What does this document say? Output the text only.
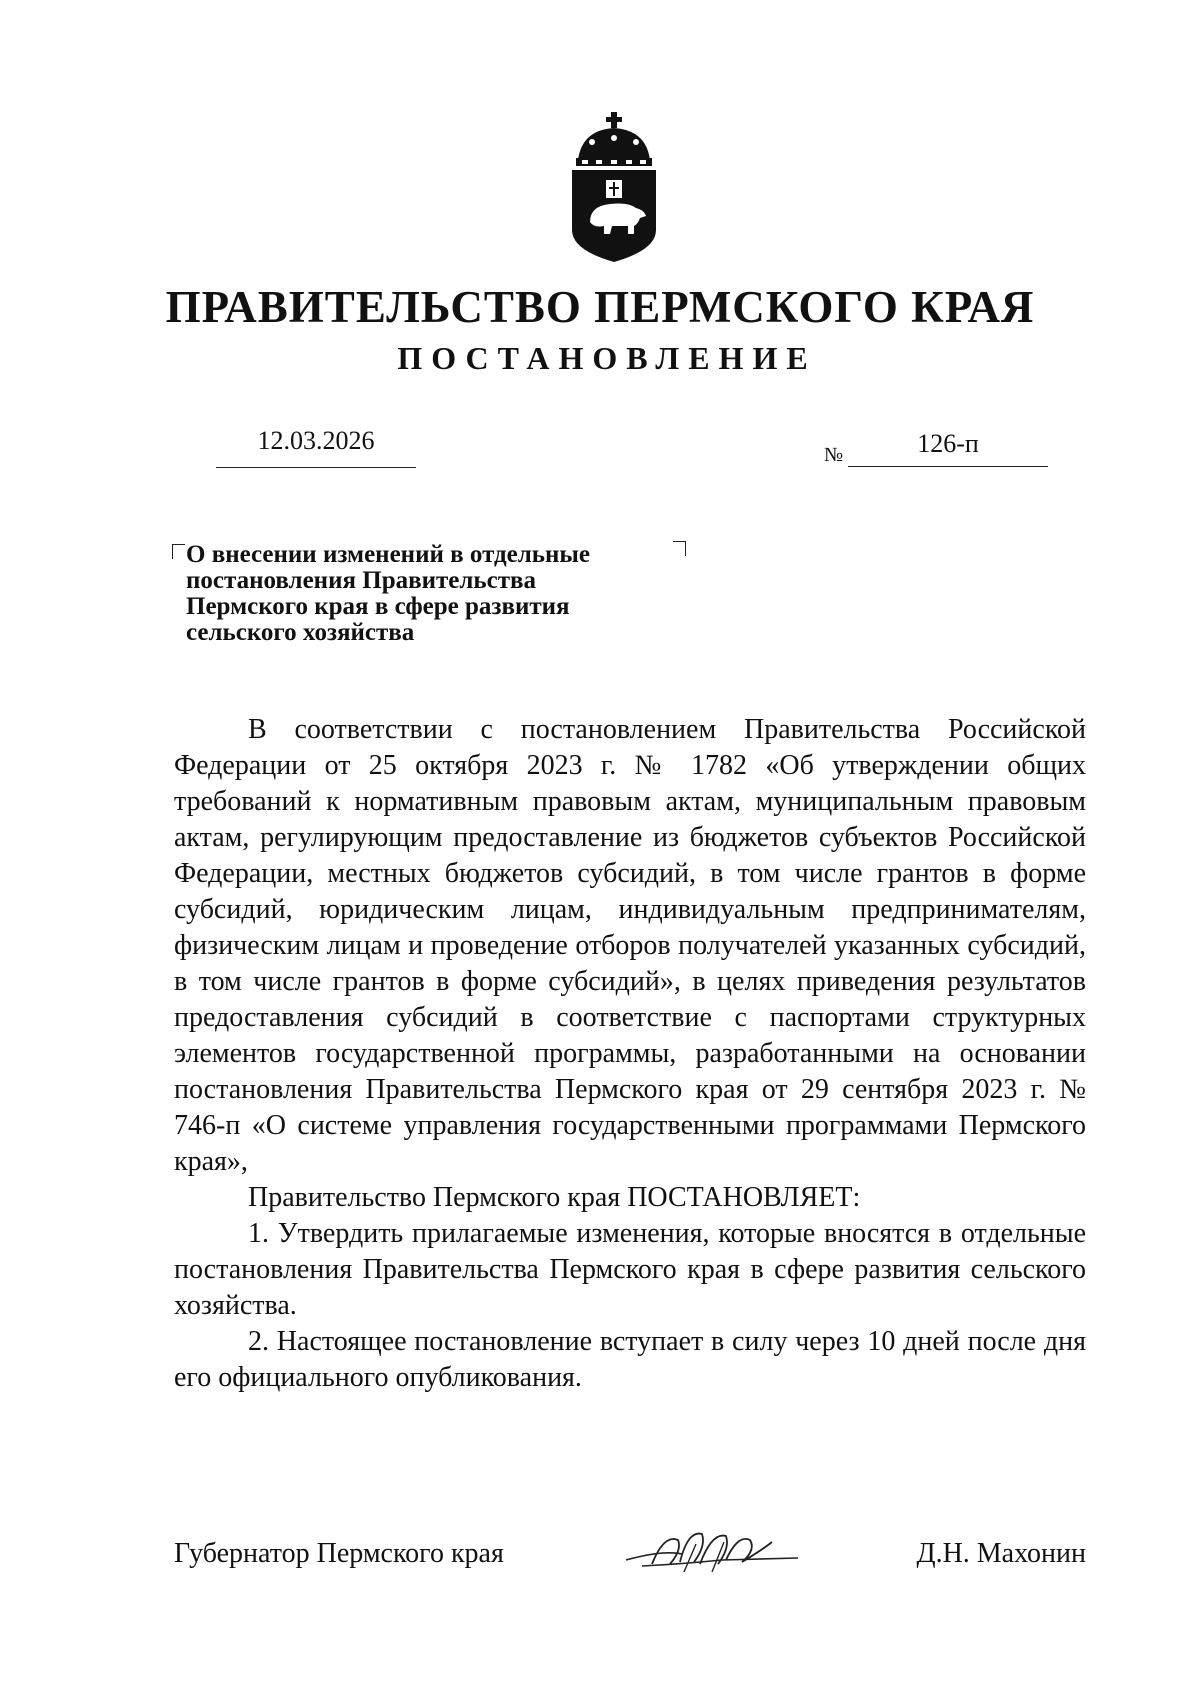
ПРАВИТЕЛЬСТВО ПЕРМСКОГО КРАЯ
ПОСТАНОВЛЕНИЕ
12.03.2026	№	126-п
О внесении изменений в отдельные
постановления Правительства
Пермского края в сфере развития
сельского хозяйства

В соответствии с постановлением Правительства Российской Федерации от 25 октября 2023 г. № 1782 «Об утверждении общих требований к нормативным правовым актам, муниципальным правовым актам, регулирующим предоставление из бюджетов субъектов Российской Федерации, местных бюджетов субсидий, в том числе грантов в форме субсидий, юридическим лицам, индивидуальным предпринимателям, физическим лицам и проведение отборов получателей указанных субсидий, в том числе грантов в форме субсидий», в целях приведения результатов предоставления субсидий в соответствие с паспортами структурных элементов государственной программы, разработанными на основании постановления Правительства Пермского края от 29 сентября 2023 г. № 746-п «О системе управления государственными программами Пермского края»,

Правительство Пермского края ПОСТАНОВЛЯЕТ:

1. Утвердить прилагаемые изменения, которые вносятся в отдельные постановления Правительства Пермского края в сфере развития сельского хозяйства.

2. Настоящее постановление вступает в силу через 10 дней после дня его официального опубликования.

Губернатор Пермского края	Д.Н. Махонин
